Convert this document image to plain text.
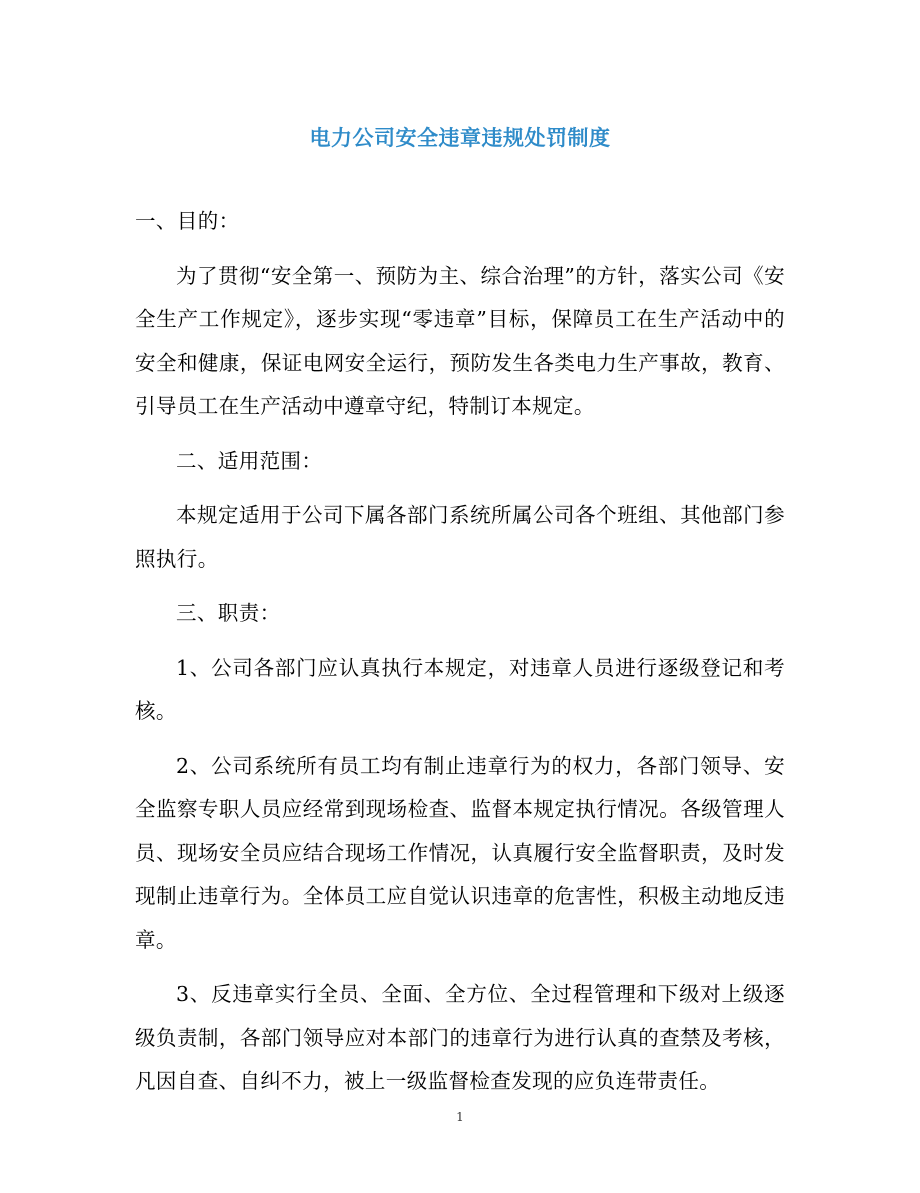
电力公司安全违章违规处罚制度

一、目的：

为了贯彻“安全第一、预防为主、综合治理”的方针，落实公司《安全生产工作规定》，逐步实现“零违章”目标，保障员工在生产活动中的安全和健康，保证电网安全运行，预防发生各类电力生产事故，教育、引导员工在生产活动中遵章守纪，特制订本规定。

二、适用范围：

本规定适用于公司下属各部门系统所属公司各个班组、其他部门参照执行。

三、职责：

1、公司各部门应认真执行本规定，对违章人员进行逐级登记和考核。

2、公司系统所有员工均有制止违章行为的权力，各部门领导、安全监察专职人员应经常到现场检查、监督本规定执行情况。各级管理人员、现场安全员应结合现场工作情况，认真履行安全监督职责，及时发现制止违章行为。全体员工应自觉认识违章的危害性，积极主动地反违章。

3、反违章实行全员、全面、全方位、全过程管理和下级对上级逐级负责制，各部门领导应对本部门的违章行为进行认真的查禁及考核，凡因自查、自纠不力，被上一级监督检查发现的应负连带责任。

1
